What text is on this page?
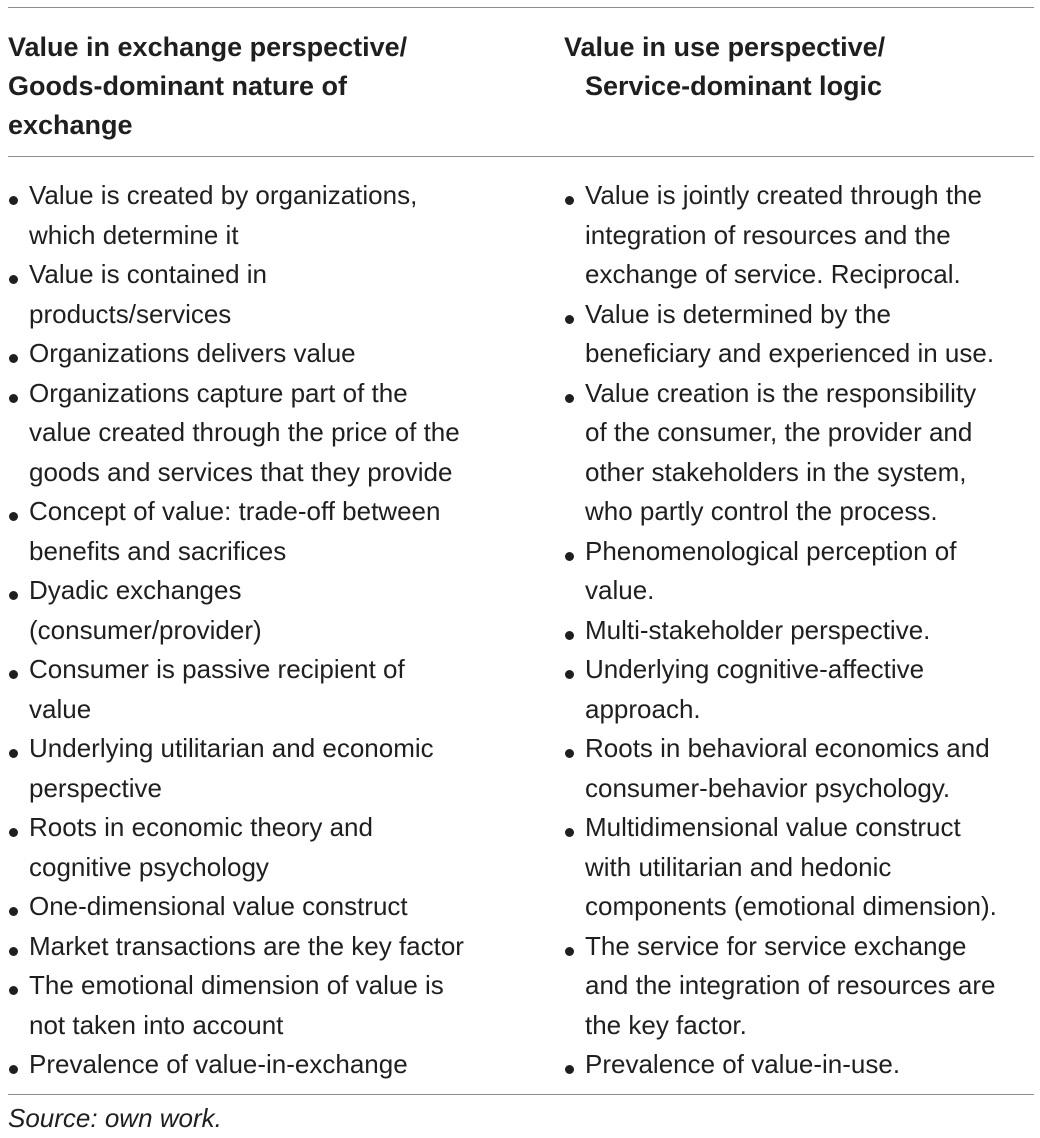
Value in exchange perspective/
Goods-dominant nature of
exchange
Value in use perspective/
Service-dominant logic
Value is created by organizations,
which determine it
Value is contained in
products/services
Organizations delivers value
Organizations capture part of the
value created through the price of the
goods and services that they provide
Concept of value: trade-off between
benefits and sacrifices
Dyadic exchanges
(consumer/provider)
Consumer is passive recipient of
value
Underlying utilitarian and economic
perspective
Roots in economic theory and
cognitive psychology
One-dimensional value construct
Market transactions are the key factor
The emotional dimension of value is
not taken into account
Prevalence of value-in-exchange
Value is jointly created through the
integration of resources and the
exchange of service. Reciprocal.
Value is determined by the
beneficiary and experienced in use.
Value creation is the responsibility
of the consumer, the provider and
other stakeholders in the system,
who partly control the process.
Phenomenological perception of
value.
Multi-stakeholder perspective.
Underlying cognitive-affective
approach.
Roots in behavioral economics and
consumer-behavior psychology.
Multidimensional value construct
with utilitarian and hedonic
components (emotional dimension).
The service for service exchange
and the integration of resources are
the key factor.
Prevalence of value-in-use.
Source: own work.
